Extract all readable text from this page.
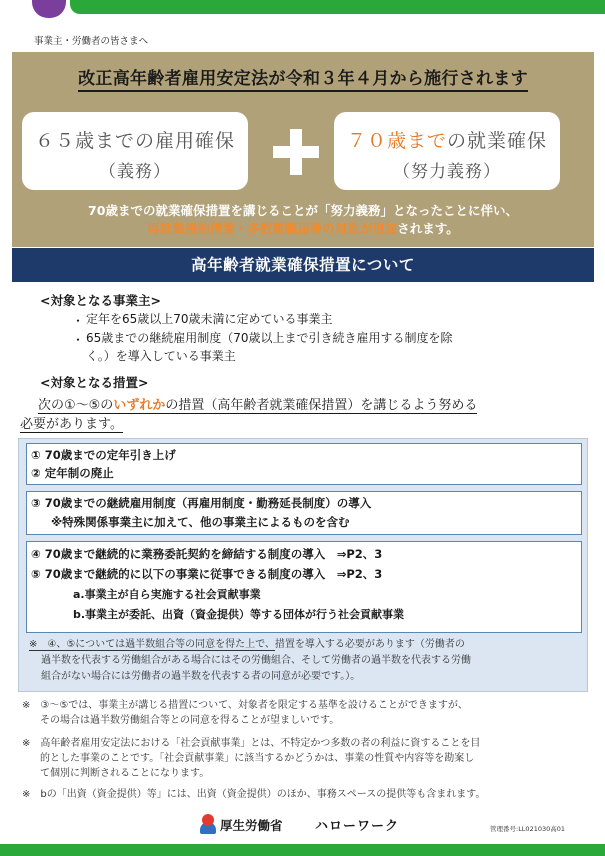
事業主・労働者の皆さまへ
改正高年齢者雇用安定法が令和３年４月から施行されます
６５歳までの雇用確保
（義務）
７０歳までの就業確保
（努力義務）
70歳までの就業確保措置を講じることが「努力義務」となったことに伴い、
再就職援助措置・多数離職届等の対象が追加されます。
高年齢者就業確保措置について
<対象となる事業主>
・ 定年を65歳以上70歳未満に定めている事業主
・ 65歳までの継続雇用制度（70歳以上まで引き続き雇用する制度を除
く。）を導入している事業主
<対象となる措置>
次の①～⑤のいずれかの措置（高年齢者就業確保措置）を講じるよう努める
必要があります。
① 70歳までの定年引き上げ
② 定年制の廃止
③ 70歳までの継続雇用制度（再雇用制度・勤務延長制度）の導入
※特殊関係事業主に加えて、他の事業主によるものを含む
④ 70歳まで継続的に業務委託契約を締結する制度の導入　⇒P2、3
⑤ 70歳まで継続的に以下の事業に従事できる制度の導入　⇒P2、3
a.事業主が自ら実施する社会貢献事業
b.事業主が委託、出資（資金提供）等する団体が行う社会貢献事業
※　④、⑤については過半数組合等の同意を得た上で、措置を導入する必要があります（労働者の
過半数を代表する労働組合がある場合にはその労働組合、そして労働者の過半数を代表する労働
組合がない場合には労働者の過半数を代表する者の同意が必要です。）。
※　③～⑤では、事業主が講じる措置について、対象者を限定する基準を設けることができますが、
その場合は過半数労働組合等との同意を得ることが望ましいです。
※　高年齢者雇用安定法における「社会貢献事業」とは、不特定かつ多数の者の利益に資することを目
的とした事業のことです。「社会貢献事業」に該当するかどうかは、事業の性質や内容等を勘案し
て個別に判断されることになります。
※　bの「出資（資金提供）等」には、出資（資金提供）のほか、事務スペースの提供等も含まれます。
厚生労働省 ハローワーク	管理番号:LL021030高01
